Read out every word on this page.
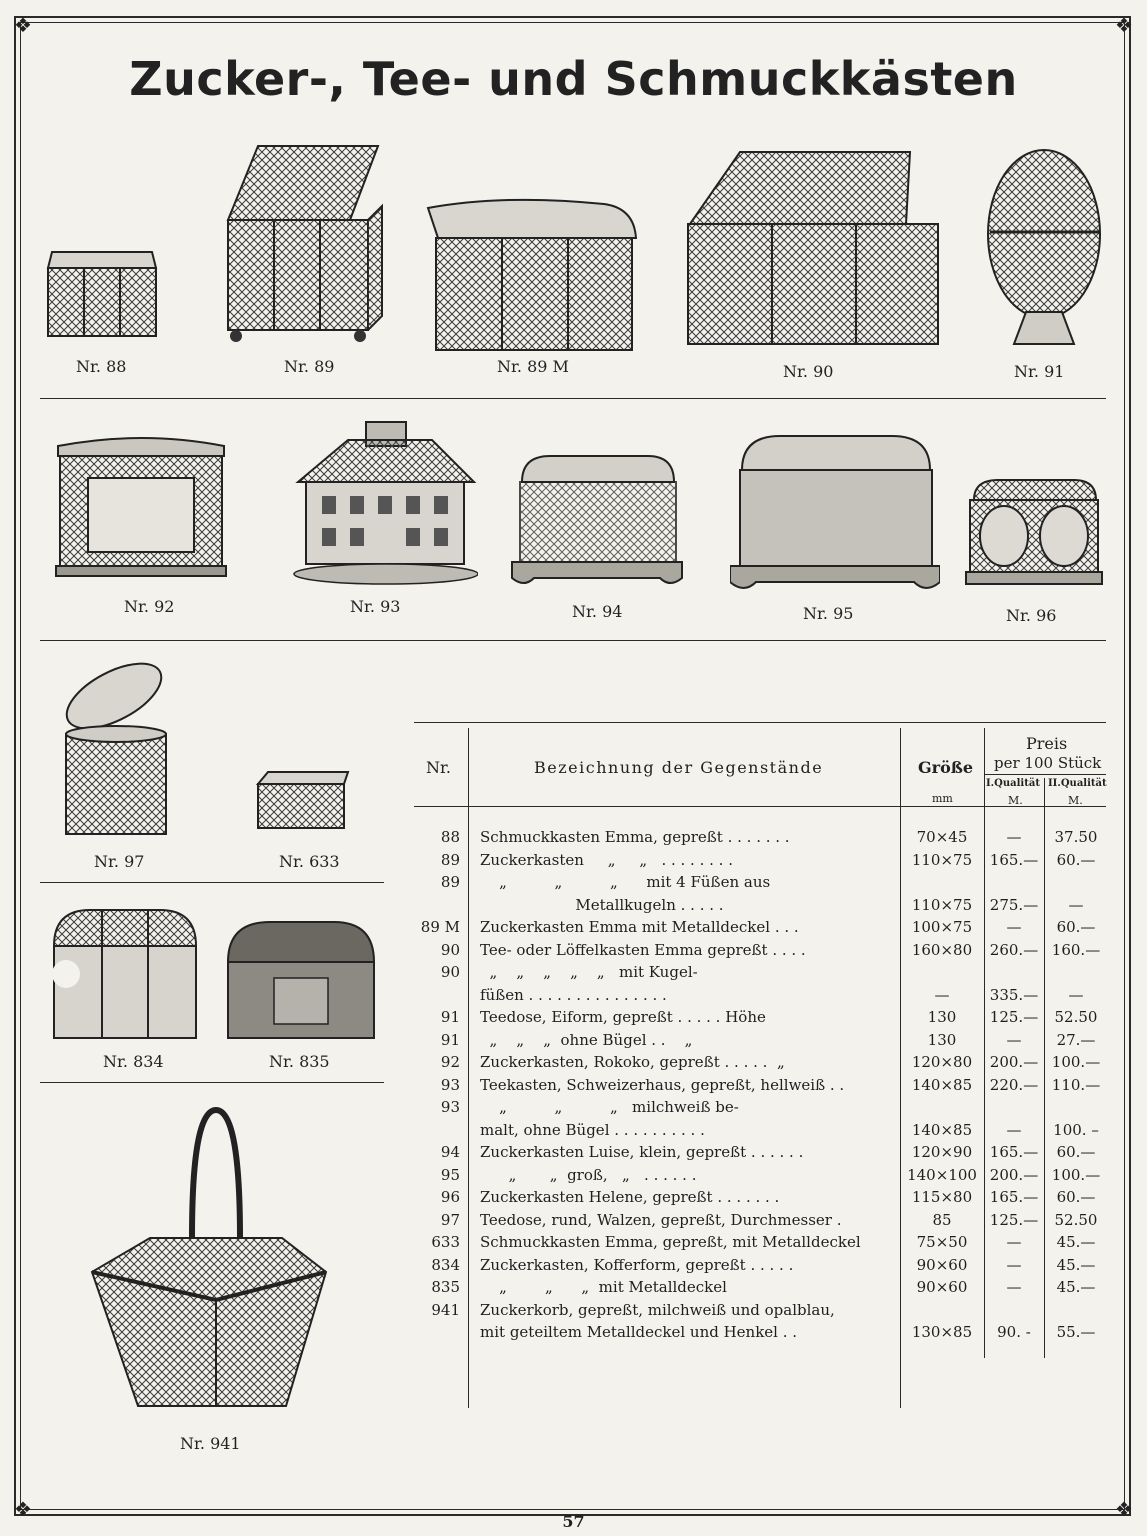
❖	❖
❖	❖
Zucker-, Tee- und Schmuckkästen
Nr. 88	Nr. 89	Nr. 89 M	Nr. 90	Nr. 91
Nr. 92	Nr. 93	Nr. 94	Nr. 95	Nr. 96
Nr. 97	Nr. 633
Nr. 834	Nr. 835
Nr. 941
Nr.	Bezeichnung der Gegenstände	Größe
mm
Preis
per 100 Stück
I.Qualität II.Qualität
M.	M.
88 Schmuckkasten Emma, gepreßt . . . . . . .	70×45	—	37.50
89 Zuckerkasten     „     „   . . . . . . . .	110×75	165.—	60.—
89 „          „          „      mit 4 Füßen aus
Metallkugeln . . . . .	110×75	275.—	—
89 M Zuckerkasten Emma mit Metalldeckel . . .	100×75	—	60.—
90 Tee- oder Löffelkasten Emma gepreßt . . . .	160×80	260.— 160.—
90 „    „    „    „    „   mit Kugel-
füßen . . . . . . . . . . . . . . .	—	335.—	—
91 Teedose, Eiform, gepreßt . . . . . Höhe	130	125.—	52.50
91 „    „    „  ohne Bügel . .    „	130	—	27.—
92 Zuckerkasten, Rokoko, gepreßt . . . . .  „	120×80	200.— 100.—
93 Teekasten, Schweizerhaus, gepreßt, hellweiß . .	140×85	220.— 110.—
93 „          „          „   milchweiß be-
malt, ohne Bügel . . . . . . . . . .	140×85	—	100. –
94 Zuckerkasten Luise, klein, gepreßt . . . . . .	120×90	165.—	60.—
95 „       „  groß,   „   . . . . . .	140×100 200.— 100.—
96 Zuckerkasten Helene, gepreßt . . . . . . .	115×80	165.—	60.—
97 Teedose, rund, Walzen, gepreßt, Durchmesser .	85	125.—	52.50
633 Schmuckkasten Emma, gepreßt, mit Metalldeckel	75×50	—	45.—
834 Zuckerkasten, Kofferform, gepreßt . . . . .	90×60	—	45.—
835 „        „      „  mit Metalldeckel	90×60	—	45.—
941 Zuckerkorb, gepreßt, milchweiß und opalblau,
mit geteiltem Metalldeckel und Henkel . .	130×85	90. -	55.—
57
